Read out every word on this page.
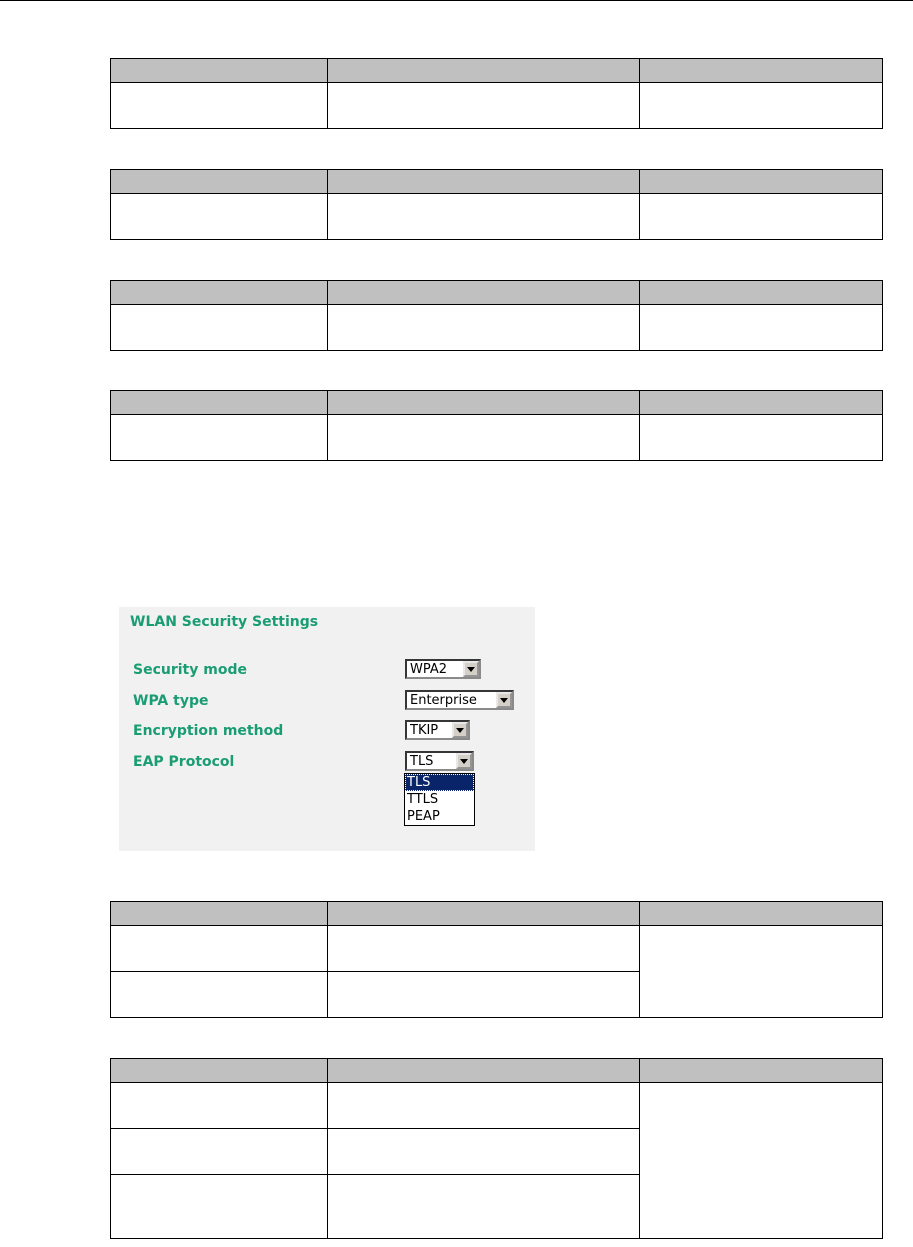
WLAN Security Settings
Security mode	WPA2
WPA type	Enterprise
Encryption method	TKIP
EAP Protocol	TLS
TLS
TTLS
PEAP
